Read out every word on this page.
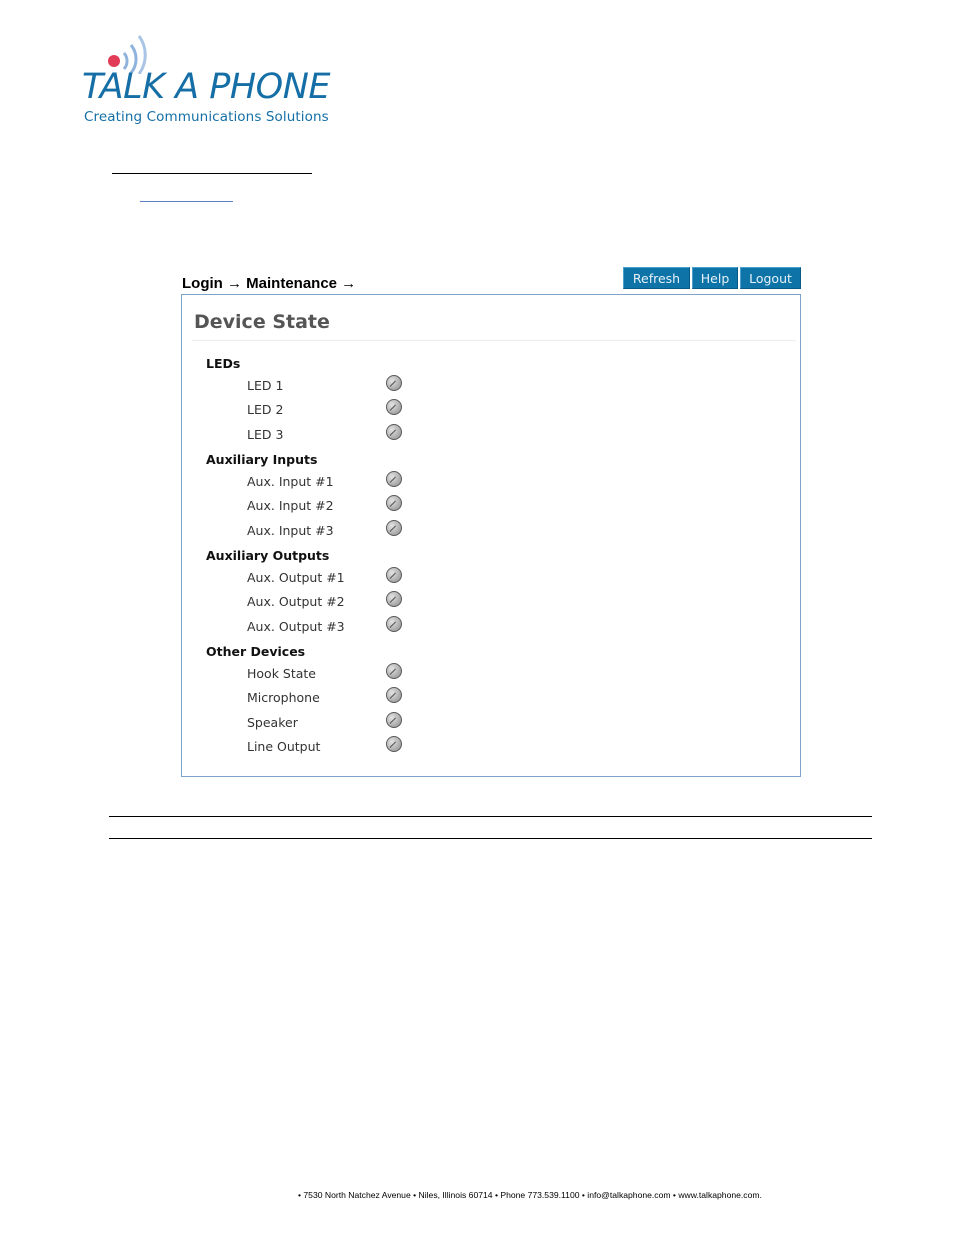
TALK A PHONE
Creating Communications Solutions
Login → Maintenance →	Refresh	Help	Logout
Device State
LEDs
LED 1
LED 2
LED 3
Auxiliary Inputs
Aux. Input #1
Aux. Input #2
Aux. Input #3
Auxiliary Outputs
Aux. Output #1
Aux. Output #2
Aux. Output #3
Other Devices
Hook State
Microphone
Speaker
Line Output
• 7530 North Natchez Avenue • Niles, Illinois 60714 • Phone 773.539.1100 • info@talkaphone.com • www.talkaphone.com.
